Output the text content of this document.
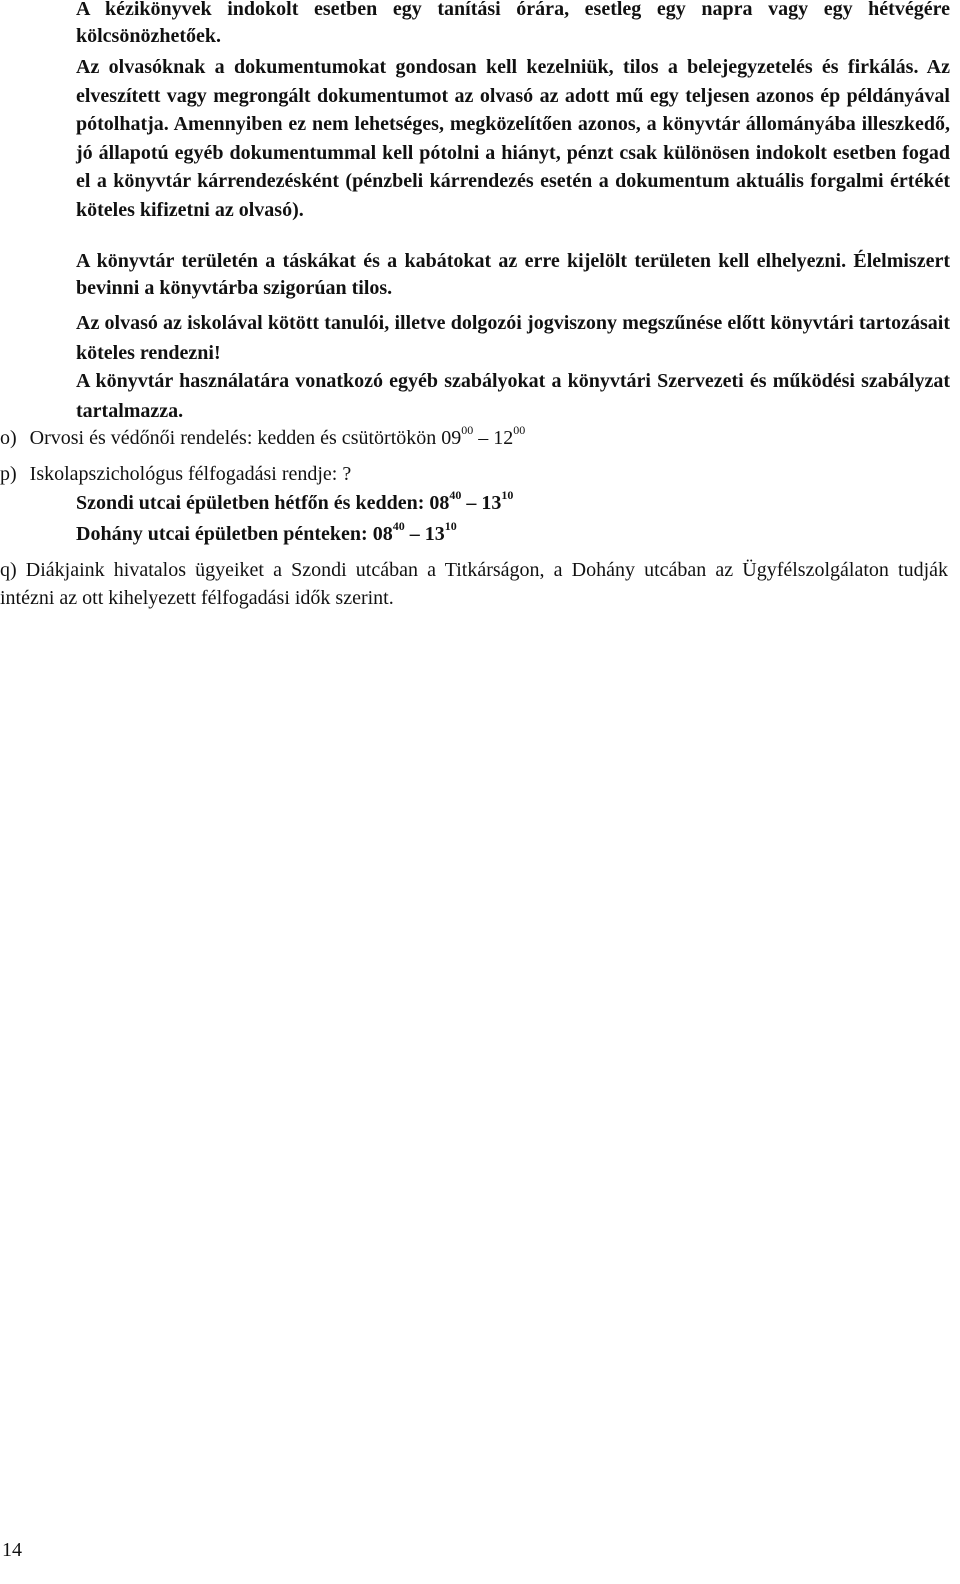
A kézikönyvek indokolt esetben egy tanítási órára, esetleg egy napra vagy egy hétvégére kölcsönözhetőek.
Az olvasóknak a dokumentumokat gondosan kell kezelniük, tilos a belejegyzetelés és firkálás. Az elveszített vagy megrongált dokumentumot az olvasó az adott mű egy teljesen azonos ép példányával pótolhatja. Amennyiben ez nem lehetséges, megközelítően azonos, a könyvtár állományába illeszkedő, jó állapotú egyéb dokumentummal kell pótolni a hiányt, pénzt csak különösen indokolt esetben fogad el a könyvtár kárrendezésként (pénzbeli kárrendezés esetén a dokumentum aktuális forgalmi értékét köteles kifizetni az olvasó).
A könyvtár területén a táskákat és a kabátokat az erre kijelölt területen kell elhelyezni. Élelmiszert bevinni a könyvtárba szigorúan tilos.
Az olvasó az iskolával kötött tanulói, illetve dolgozói jogviszony megszűnése előtt könyvtári tartozásait köteles rendezni!
A könyvtár használatára vonatkozó egyéb szabályokat a könyvtári Szervezeti és működési szabályzat tartalmazza.
o) Orvosi és védőnői rendelés: kedden és csütörtökön $09^{00} - 12^{00}$
p) Iskolapszichológus félfogadási rendje: ?
Szondi utcai épületben hétfőn és kedden: $08^{40} - 13^{10}$
Dohány utcai épületben pénteken: $08^{40} - 13^{10}$
q) Diákjaink hivatalos ügyeiket a Szondi utcában a Titkárságon, a Dohány utcában az Ügyfélszolgálaton tudják intézni az ott kihelyezett félfogadási idők szerint.
14
